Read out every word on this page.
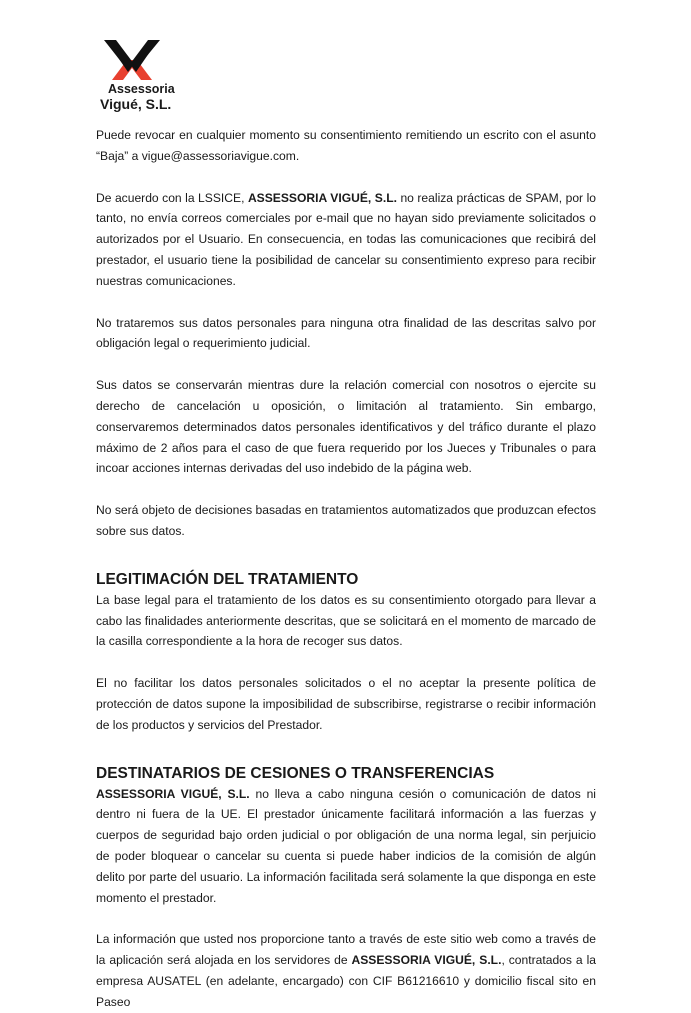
Assessoria
Vigué, S.L.

Puede revocar en cualquier momento su consentimiento remitiendo un escrito con el asunto “Baja” a vigue@assessoriavigue.com.

De acuerdo con la LSSICE, ASSESSORIA VIGUÉ, S.L. no realiza prácticas de SPAM, por lo tanto, no envía correos comerciales por e-mail que no hayan sido previamente solicitados o autorizados por el Usuario. En consecuencia, en todas las comunicaciones que recibirá del prestador, el usuario tiene la posibilidad de cancelar su consentimiento expreso para recibir nuestras comunicaciones.

No trataremos sus datos personales para ninguna otra finalidad de las descritas salvo por obligación legal o requerimiento judicial.

Sus datos se conservarán mientras dure la relación comercial con nosotros o ejercite su derecho de cancelación u oposición, o limitación al tratamiento. Sin embargo, conservaremos determinados datos personales identificativos y del tráfico durante el plazo máximo de 2 años para el caso de que fuera requerido por los Jueces y Tribunales o para incoar acciones internas derivadas del uso indebido de la página web.

No será objeto de decisiones basadas en tratamientos automatizados que produzcan efectos sobre sus datos.

LEGITIMACIÓN DEL TRATAMIENTO

La base legal para el tratamiento de los datos es su consentimiento otorgado para llevar a cabo las finalidades anteriormente descritas, que se solicitará en el momento de marcado de la casilla correspondiente a la hora de recoger sus datos.

El no facilitar los datos personales solicitados o el no aceptar la presente política de protección de datos supone la imposibilidad de subscribirse, registrarse o recibir información de los productos y servicios del Prestador.

DESTINATARIOS DE CESIONES O TRANSFERENCIAS

ASSESSORIA VIGUÉ, S.L. no lleva a cabo ninguna cesión o comunicación de datos ni dentro ni fuera de la UE. El prestador únicamente facilitará información a las fuerzas y cuerpos de seguridad bajo orden judicial o por obligación de una norma legal, sin perjuicio de poder bloquear o cancelar su cuenta si puede haber indicios de la comisión de algún delito por parte del usuario. La información facilitada será solamente la que disponga en este momento el prestador.

La información que usted nos proporcione tanto a través de este sitio web como a través de la aplicación será alojada en los servidores de ASSESSORIA VIGUÉ, S.L., contratados a la empresa AUSATEL (en adelante, encargado) con CIF B61216610 y domicilio fiscal sito en Paseo
